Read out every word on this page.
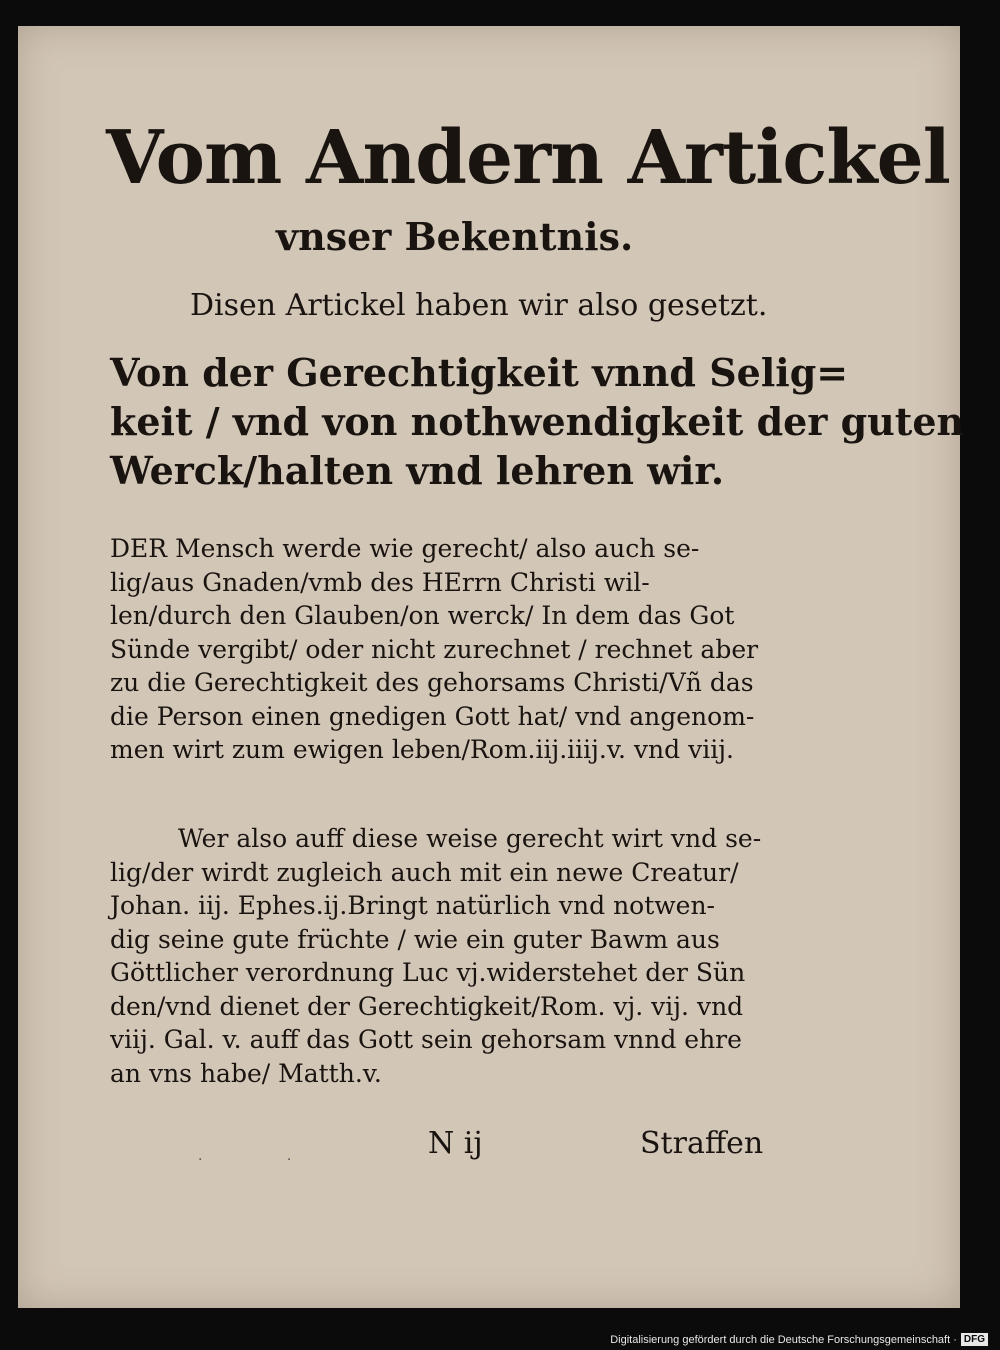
Vom Andern Artickel
vnser Bekentnis.
Disen Artickel haben wir also gesetzt.
Von der Gerechtigkeit vnnd Selig=
keit / vnd von nothwendigkeit der guten
Werck/halten vnd lehren wir.
DER Mensch werde wie gerecht/ also auch se-
lig/aus Gnaden/vmb des HErrn Christi wil-
len/durch den Glauben/on werck/ In dem das Got
Sünde vergibt/ oder nicht zurechnet / rechnet aber
zu die Gerechtigkeit des gehorsams Christi/Vñ das
die Person einen gnedigen Gott hat/ vnd angenom-
men wirt zum ewigen leben/Rom.iij.iiij.v. vnd viij.
Wer also auff diese weise gerecht wirt vnd se-
lig/der wirdt zugleich auch mit ein newe Creatur/
Johan. iij. Ephes.ij.Bringt natürlich vnd notwen-
dig seine gute früchte / wie ein guter Bawm aus
Göttlicher verordnung Luc vj.widerstehet der Sün
den/vnd dienet der Gerechtigkeit/Rom. vj. vij. vnd
viij. Gal. v. auff das Gott sein gehorsam vnnd ehre
an vns habe/ Matth.v.
· ·	N ij	Straffen
Digitalisierung gefördert durch die Deutsche Forschungsgemeinschaft · DFG
